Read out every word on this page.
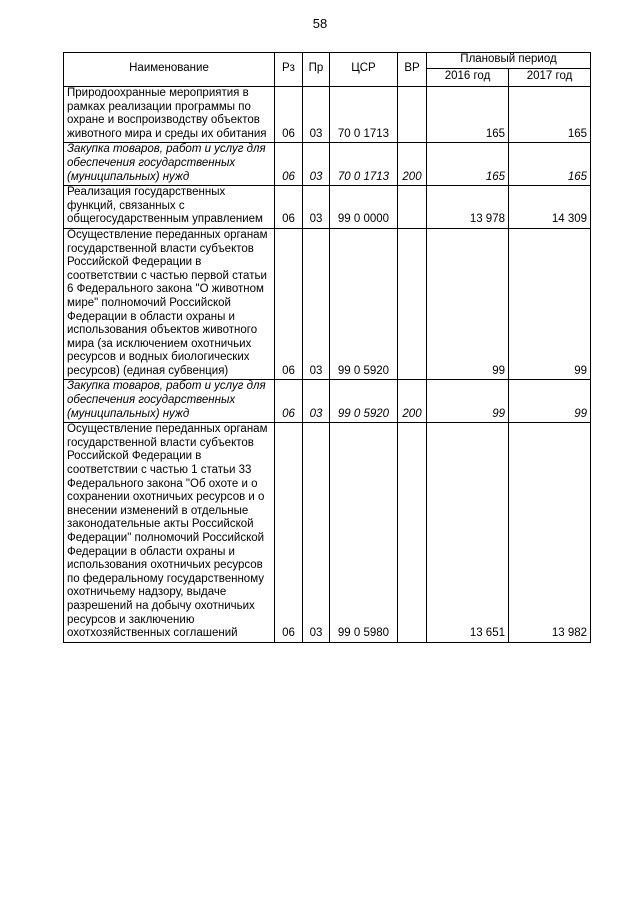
58
Наименование	Рз	Пр	ЦСР	ВР	Плановый период	
					2016 год	2017 год
Природоохранные мероприятия в рамках реализации программы по охране и воспроизводству объектов животного мира и среды их обитания	06	03	70 0 1713		165	165
Закупка товаров, работ и услуг для обеспечения государственных (муниципальных) нужд	06	03	70 0 1713	200	165	165
Реализация государственных функций, связанных с общегосударственным управлением	06	03	99 0 0000		13 978	14 309
Осуществление переданных органам государственной власти субъектов Российской Федерации в соответствии с частью первой статьи 6 Федерального закона "О животном мире" полномочий Российской Федерации в области охраны и использования объектов животного мира (за исключением охотничьих ресурсов и водных биологических ресурсов) (единая субвенция)	06	03	99 0 5920		99	99
Закупка товаров, работ и услуг для обеспечения государственных (муниципальных) нужд	06	03	99 0 5920	200	99	99
Осуществление переданных органам государственной власти субъектов Российской Федерации в соответствии с частью 1 статьи 33 Федерального закона "Об охоте и о сохранении охотничьих ресурсов и о внесении изменений в отдельные законодательные акты Российской Федерации" полномочий Российской Федерации в области охраны и использования охотничьих ресурсов по федеральному государственному охотничьему надзору, выдаче разрешений на добычу охотничьих ресурсов и заключению охотхозяйственных соглашений	06	03	99 0 5980		13 651	13 982
